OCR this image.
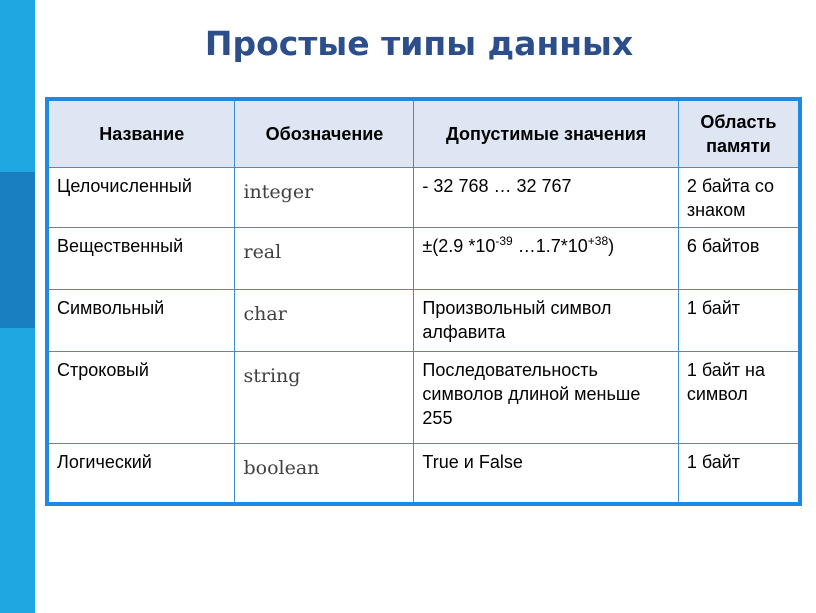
Простые типы данных
Название	Обозначение	Допустимые значения	Область памяти
Целочисленный	integer	- 32 768 … 32 767	2 байта со знаком
Вещественный	real	±(2.9 $*10^{-39}$ $\dots 1.7*10^{+38}$)	6 байтов
Символьный	char	Произвольный символ алфавита	1 байт
Строковый	string	Последовательность символов длиной меньше 255	1 байт на символ
Логический	boolean	True и False	1 байт
